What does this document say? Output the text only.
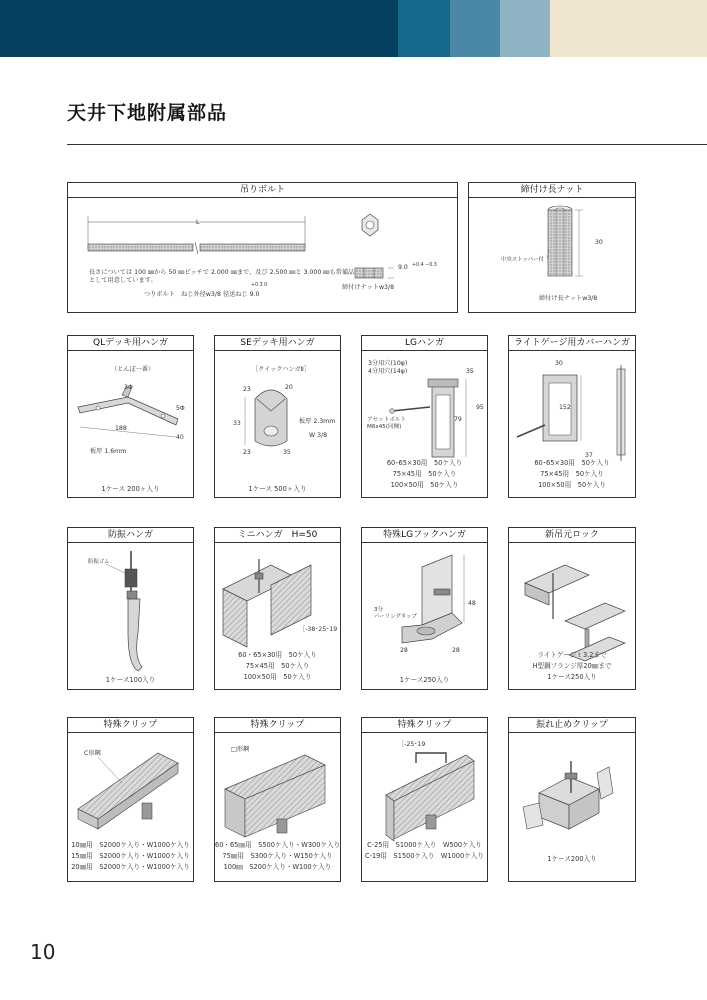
天井下地附属部品
吊りボルト
L
長さについては 100 ㎜から 50 ㎜ピッチで 2.000 ㎜まで、及び 2.500 ㎜と 3.000 ㎜も常備品
として用意しています。
つりボルト　ねじ外径w3/8 径送ねじ 9.0
+0.3 0
9.0 +0.4 −0.3
締付けナットw3/8
締付け長ナット
中央ストッパー付
30
締付け長ナットw3/8
QLデッキ用ハンガ
（とんぼ一番）
3Φ
5Φ
188
40
板厚 1.6mm
1ケース 200ヶ入り
SEデッキ用ハンガ
［クイックハンガⅡ］
23	20
33
23	35
板厚 2.3mm
W 3/8
1ケース 500ヶ入り
LGハンガ
3分用穴(10φ)
4分用穴(14φ)	35
79
95
アセットボルト
M6x45(同梱)
60･65×30用　50ケ入り
75×45用　50ケ入り
100×50用　50ケ入り
ライトゲージ用カバーハンガ
30
152
37
60･65×30用　50ケ入り
75×45用　50ケ入り
100×50用　50ケ入り
防振ハンガ
防振ゴム
1ケース100入り
ミニハンガ　H=50
［-38･25･19
60・65×30用　50ケ入り
75×45用　50ケ入り
100×50用　50ケ入り
特殊LGフックハンガ
48
3分
パーリングタップ
28	28
1ケース250入り
新吊元ロック
ライトゲージｔ3.2まで
H型鋼フランジ厚20㎜まで
1ケース250入り
特殊クリップ
C形鋼
10㎜用　S2000ケ入り・W1000ケ入り
15㎜用　S2000ケ入り・W1000ケ入り
20㎜用　S2000ケ入り・W1000ケ入り
特殊クリップ
□形鋼
60・65㎜用　S500ケ入り・W300ケ入り
75㎜用　S300ケ入り・W150ケ入り
100㎜　S200ケ入り・W100ケ入り
特殊クリップ
［-25･19
C-25用　S1000ケ入り　W500ケ入り
C-19用　S1500ケ入り　W1000ケ入り
振れ止めクリップ
1ケース200入り
10
